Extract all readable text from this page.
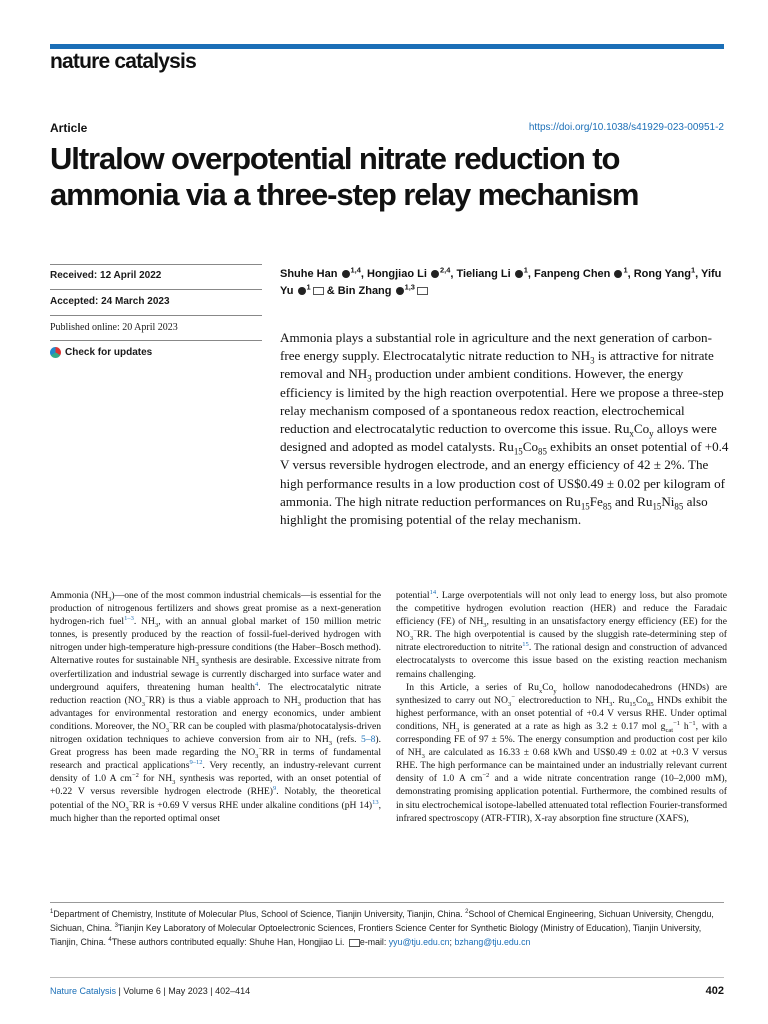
nature catalysis
Article	https://doi.org/10.1038/s41929-023-00951-2
Ultralow overpotential nitrate reduction to ammonia via a three-step relay mechanism
Received: 12 April 2022
Accepted: 24 March 2023
Published online: 20 April 2023
Check for updates
Shuhe Han $^{1,4}$, Hongjiao Li $^{2,4}$, Tieliang Li $^1$, Fanpeng Chen $^1$, Rong Yang$^1$, Yifu Yu $^1$ & Bin Zhang $^{1,3}$

Ammonia plays a substantial role in agriculture and the next generation of carbon-free energy supply. Electrocatalytic nitrate reduction to $NH_3$ is attractive for nitrate removal and $NH_3$ production under ambient conditions. However, the energy efficiency is limited by the high reaction overpotential. Here we propose a three-step relay mechanism composed of a spontaneous redox reaction, electrochemical reduction and electrocatalytic reduction to overcome this issue. $Ru_xCo_y$ alloys were designed and adopted as model catalysts. $Ru_{15}Co_{85}$ exhibits an onset potential of +0.4 V versus reversible hydrogen electrode, and an energy efficiency of 42 ± 2%. The high performance results in a low production cost of US$0.49 ± 0.02 per kilogram of ammonia. The high nitrate reduction performances on $Ru_{15}Fe_{85}$ and $Ru_{15}Ni_{85}$ also highlight the promising potential of the relay mechanism.

Ammonia $(NH_3)—one$ of the most common industrial chemicals—is essential for the production of nitrogenous fertilizers and shows great promise as a next-generation hydrogen-rich fuel$^{1-3}$. $NH_3$, with an annual global market of 150 million metric tonnes, is presently produced by the reaction of fossil-fuel-derived hydrogen with nitrogen under high-temperature high-pressure conditions (the Haber–Bosch method). Alternative routes for sustainable $NH_3$ synthesis are desirable. Excessive nitrate from overfertilization and industrial sewage is currently discharged into surface water and underground aquifers, threatening human health$^4$. The electrocatalytic nitrate reduction reaction $(NO_3^-RR)$ is thus a viable approach to $NH_3$ production that has advantages for environmental restoration and energy economics, under ambient conditions. Moreover, the $NO_3^-RR$ can be coupled with plasma/photocatalysis-driven nitrogen oxidation techniques to achieve conversion from air to $NH_3$ (refs. 5–8). Great progress has been made regarding the $NO_3^-RR$ in terms of fundamental research and practical applications$^{9-12}$. Very recently, an industry-relevant current density of 1.0 A $cm^{-2}$ for $NH_3$ synthesis was reported, with an onset potential of +0.22 V versus reversible hydrogen electrode (RHE)$^9$. Notably, the theoretical potential of the $NO_3^-RR$ is +0.69 V versus RHE under alkaline conditions (pH 14)$^{13}$, much higher than the reported optimal onset

potential$^{14}$. Large overpotentials will not only lead to energy loss, but also promote the competitive hydrogen evolution reaction (HER) and reduce the Faradaic efficiency (FE) of $NH_3$, resulting in an unsatisfactory energy efficiency (EE) for the $NO_3^-RR$. The high overpotential is caused by the sluggish rate-determining step of nitrate electroreduction to nitrite$^{15}$. The rational design and construction of advanced electrocatalysts to overcome this issue based on the existing reaction mechanism remains challenging.

In this Article, a series of $Ru_xCo_y$ hollow nanododecahedrons (HNDs) are synthesized to carry out $NO_3^-$ electroreduction to $NH_3$. $Ru_{15}Co_{85}$ HNDs exhibit the highest performance, with an onset potential of +0.4 V versus RHE. Under optimal conditions, $NH_3$ is generated at a rate as high as 3.2 ± 0.17 mol $g_{cat}^{-1}$ $h^{-1}$, with a corresponding FE of 97 ± 5%. The energy consumption and production cost per kilo of $NH_3$ are calculated as 16.33 ± 0.68 kWh and US$0.49 ± 0.02 at +0.3 V versus RHE. The high performance can be maintained under an industrially relevant current density of 1.0 A $cm^{-2}$ and a wide nitrate concentration range (10–2,000 mM), demonstrating promising application potential. Furthermore, the combined results of in situ electrochemical isotope-labelled attenuated total reflection Fourier-transformed infrared spectroscopy (ATR-FTIR), X-ray absorption fine structure (XAFS),

$^1$Department of Chemistry, Institute of Molecular Plus, School of Science, Tianjin University, Tianjin, China. $^2$School of Chemical Engineering, Sichuan University, Chengdu, Sichuan, China. $^3$Tianjin Key Laboratory of Molecular Optoelectronic Sciences, Frontiers Science Center for Synthetic Biology (Ministry of Education), Tianjin University, Tianjin, China. $^4$These authors contributed equally: Shuhe Han, Hongjiao Li. e-mail: yyu@tju.edu.cn; bzhang@tju.edu.cn

Nature Catalysis | Volume 6 | May 2023 | 402–414	402
